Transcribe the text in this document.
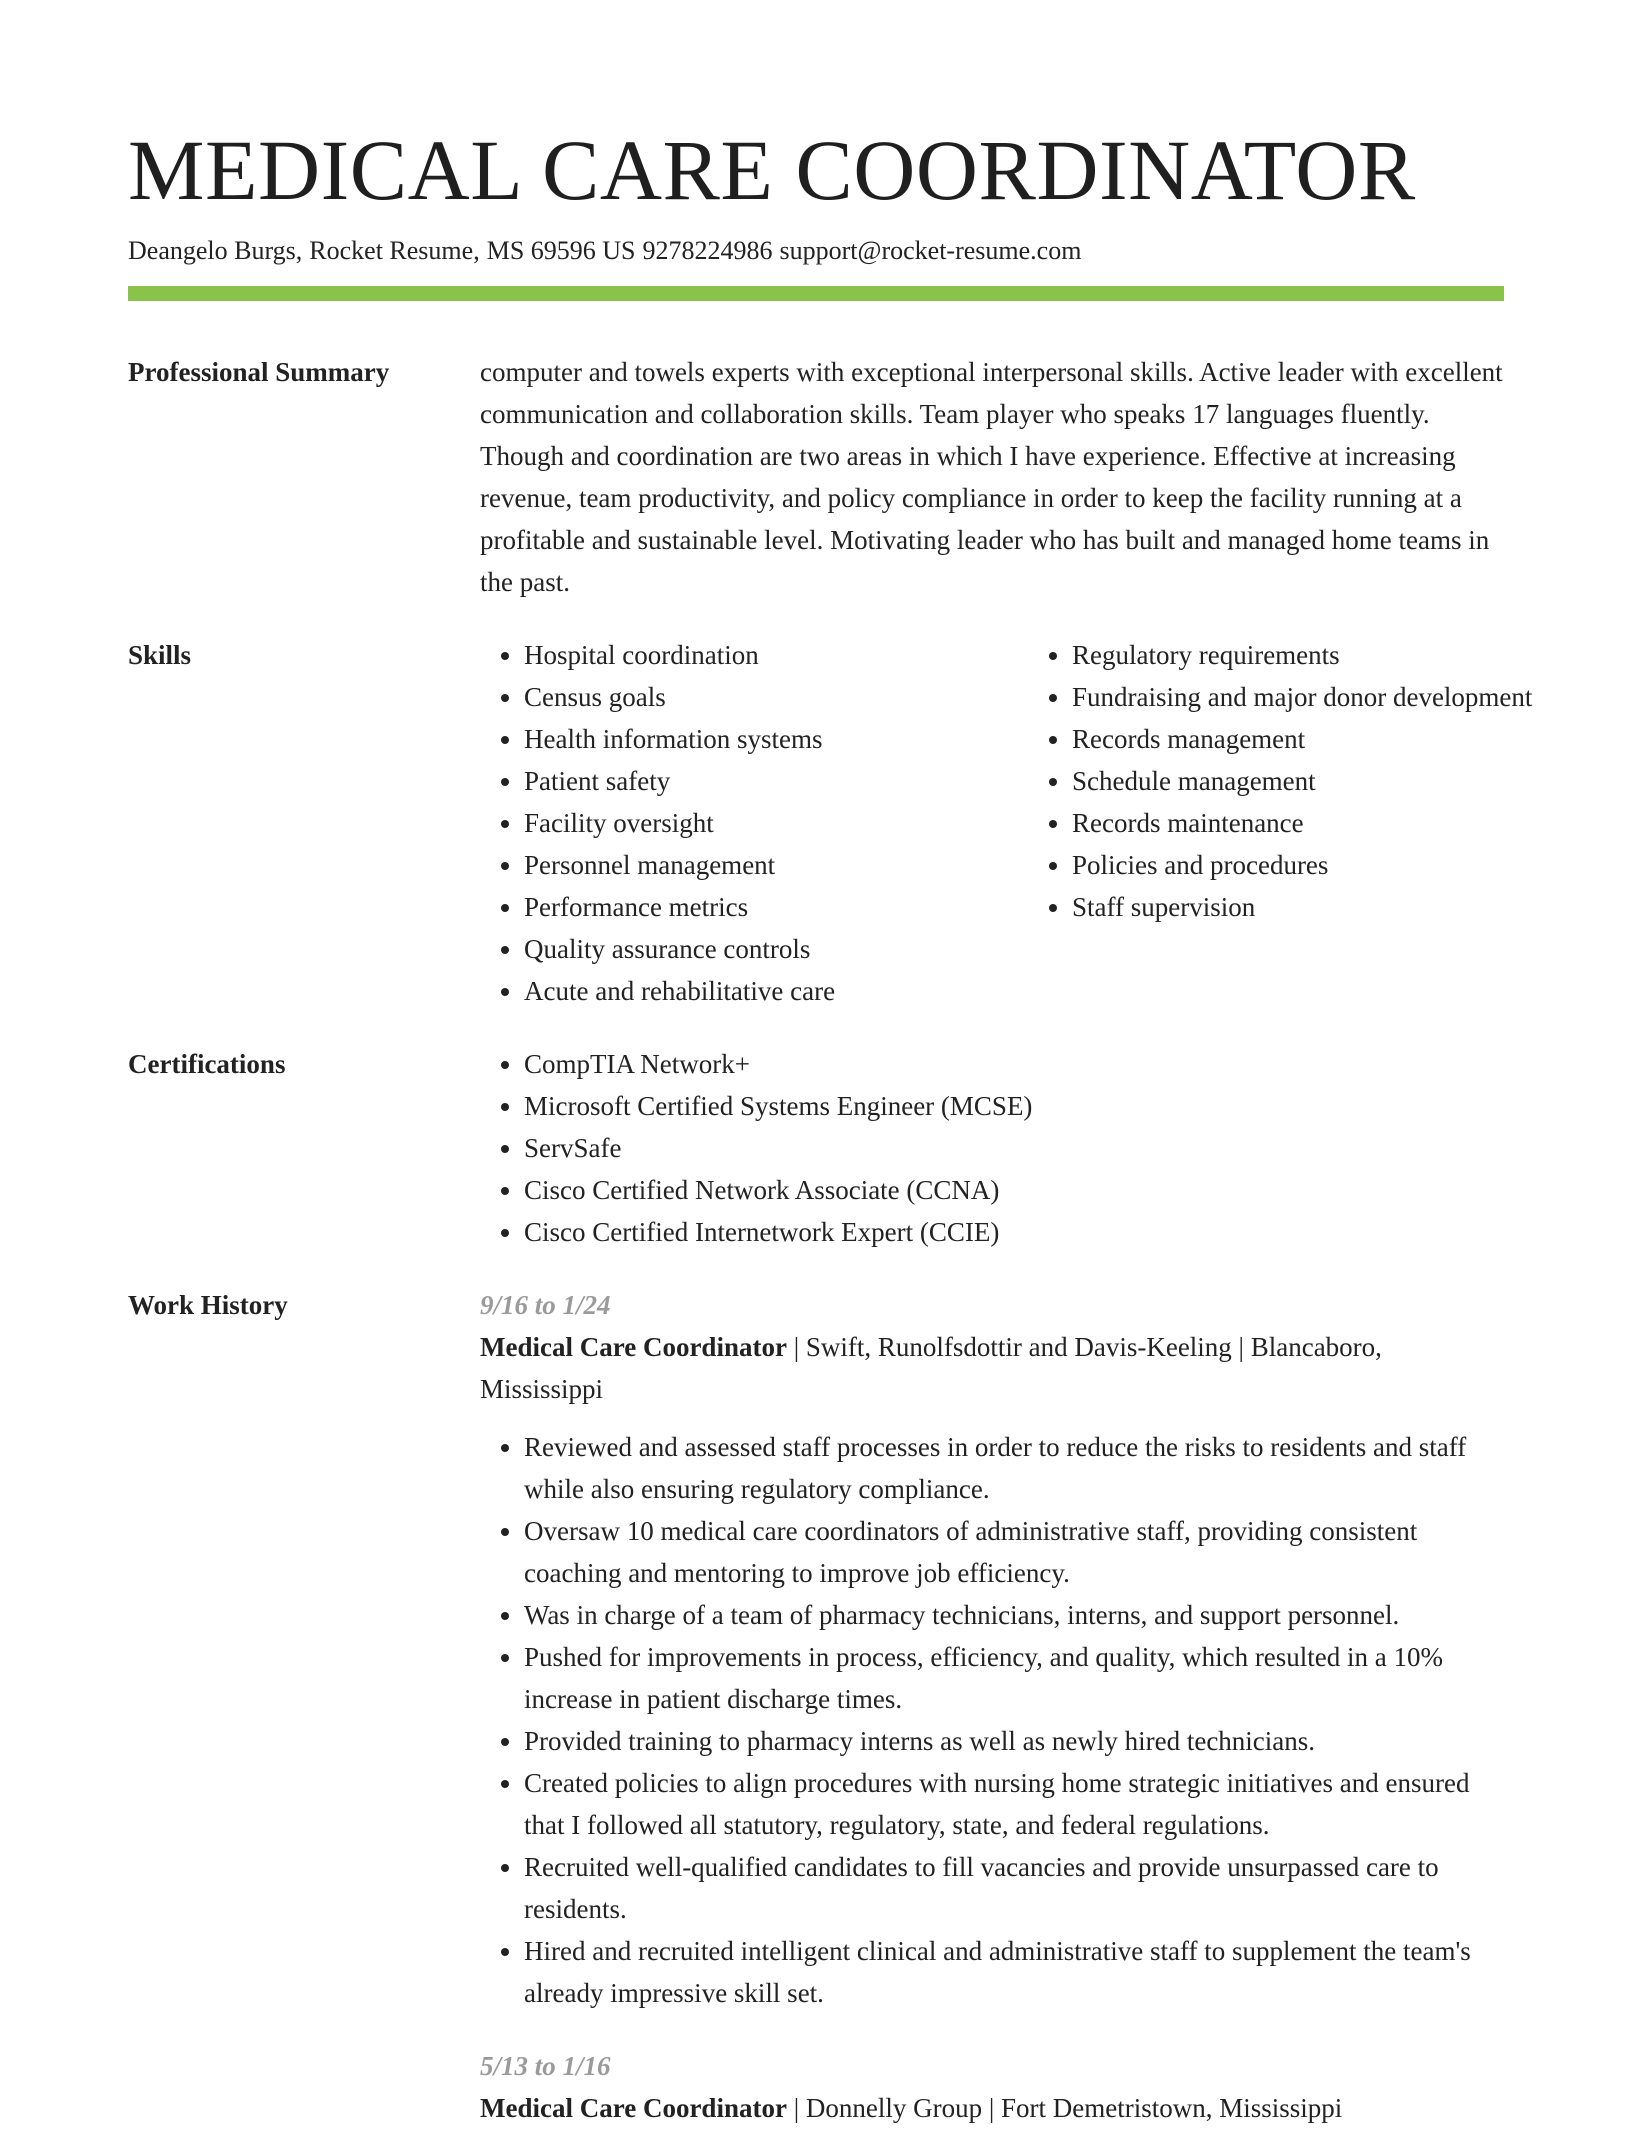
MEDICAL CARE COORDINATOR
Deangelo Burgs, Rocket Resume, MS 69596 US 9278224986 support@rocket-resume.com
Professional Summary	computer and towels experts with exceptional interpersonal skills. Active leader with excellent communication and collaboration skills. Team player who speaks 17 languages fluently. Though and coordination are two areas in which I have experience. Effective at increasing revenue, team productivity, and policy compliance in order to keep the facility running at a profitable and sustainable level. Motivating leader who has built and managed home teams in the past.
Skills	• Hospital coordination
• Census goals
• Health information systems
• Patient safety
• Facility oversight
• Personnel management
• Performance metrics
• Quality assurance controls
• Acute and rehabilitative care
• Regulatory requirements
• Fundraising and major donor development
• Records management
• Schedule management
• Records maintenance
• Policies and procedures
• Staff supervision
Certifications	• CompTIA Network+
• Microsoft Certified Systems Engineer (MCSE)
• ServSafe
• Cisco Certified Network Associate (CCNA)
• Cisco Certified Internetwork Expert (CCIE)
Work History	9/16 to 1/24
Medical Care Coordinator | Swift, Runolfsdottir and Davis-Keeling | Blancaboro, Mississippi
• Reviewed and assessed staff processes in order to reduce the risks to residents and staff while also ensuring regulatory compliance.
• Oversaw 10 medical care coordinators of administrative staff, providing consistent coaching and mentoring to improve job efficiency.
• Was in charge of a team of pharmacy technicians, interns, and support personnel.
• Pushed for improvements in process, efficiency, and quality, which resulted in a 10% increase in patient discharge times.
• Provided training to pharmacy interns as well as newly hired technicians.
• Created policies to align procedures with nursing home strategic initiatives and ensured that I followed all statutory, regulatory, state, and federal regulations.
• Recruited well-qualified candidates to fill vacancies and provide unsurpassed care to residents.
• Hired and recruited intelligent clinical and administrative staff to supplement the team's already impressive skill set.
5/13 to 1/16
Medical Care Coordinator | Donnelly Group | Fort Demetristown, Mississippi
